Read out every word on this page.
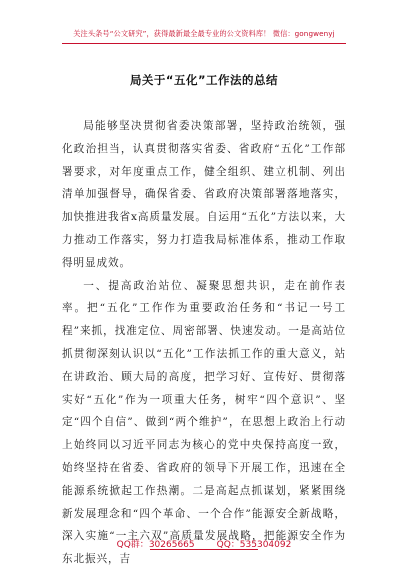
关注头条号“公文研究”，获得最新最全最专业的公文资料库！ 微信：gongwenyj
局关于“五化”工作法的总结

局能够坚决贯彻省委决策部署，坚持政治统领，强化政治担当，认真贯彻落实省委、省政府“五化”工作部署要求，对年度重点工作，健全组织、建立机制、列出清单加强督导，确保省委、省政府决策部署落地落实，加快推进我省x高质量发展。自运用“五化”方法以来，大力推动工作落实，努力打造我局标准体系，推动工作取得明显成效。

一、提高政治站位、凝聚思想共识，走在前作表率。把“五化”工作作为重要政治任务和“书记一号工程”来抓，找准定位、周密部署、快速发动。一是高站位抓贯彻深刻认识以“五化”工作法抓工作的重大意义，站在讲政治、顾大局的高度，把学习好、宣传好、贯彻落实好“五化”作为一项重大任务，树牢“四个意识”、坚定“四个自信”、做到“两个维护”，在思想上政治上行动上始终同以习近平同志为核心的党中央保持高度一致，始终坚持在省委、省政府的领导下开展工作，迅速在全能源系统掀起工作热潮。二是高起点抓谋划，紧紧围绕新发展理念和“四个革命、一个合作”能源安全新战略，深入实施“一主六双”高质量发展战略，把能源安全作为东北振兴，吉

QQ群：30265665 QQ：535304092
